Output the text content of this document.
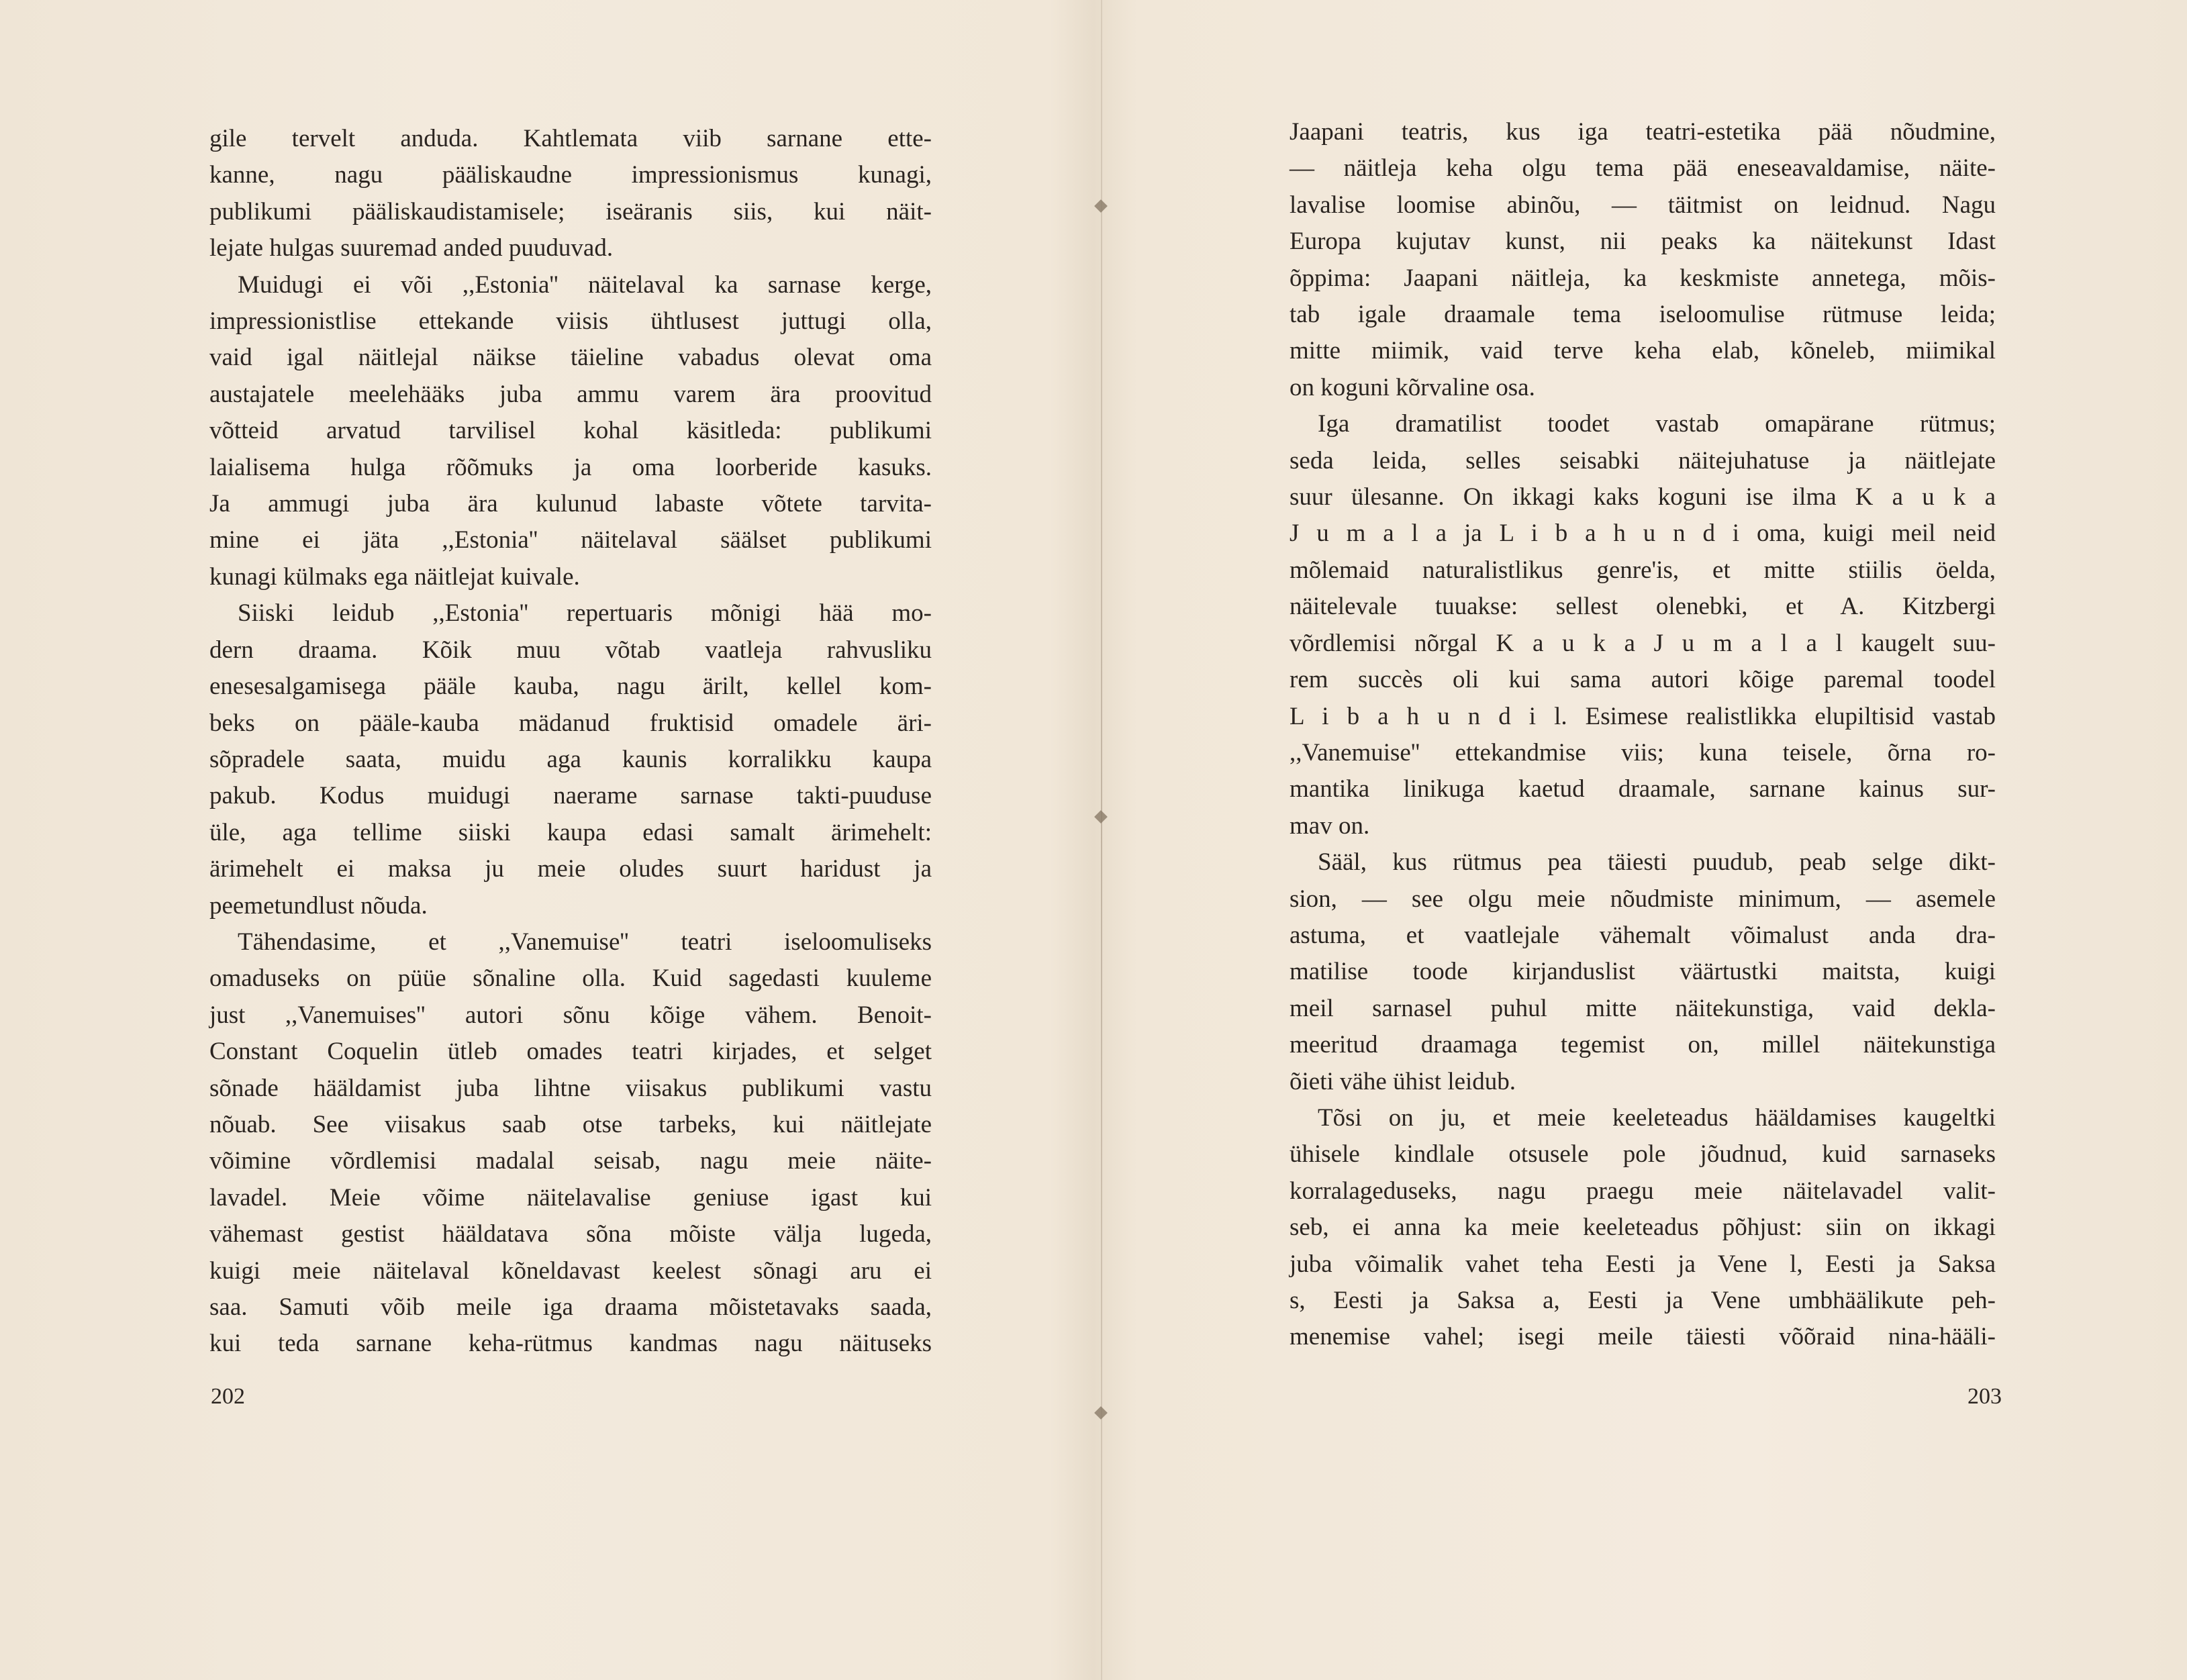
gile tervelt anduda. Kahtlemata viib sarnane ette-
kanne, nagu pääliskaudne impressionismus kunagi,
publikumi pääliskaudistamisele; iseäranis siis, kui näit-
lejate hulgas suuremad anded puuduvad.
Muidugi ei või ,,Estonia'' näitelaval ka sarnase kerge,
impressionistlise ettekande viisis ühtlusest juttugi olla,
vaid igal näitlejal näikse täieline vabadus olevat oma
austajatele meelehääks juba ammu varem ära proovitud
võtteid arvatud tarvilisel kohal käsitleda: publikumi
laialisema hulga rõõmuks ja oma loorberide kasuks.
Ja ammugi juba ära kulunud labaste võtete tarvita-
mine ei jäta ,,Estonia'' näitelaval säälset publikumi
kunagi külmaks ega näitlejat kuivale.
Siiski leidub ,,Estonia'' repertuaris mõnigi hää mo-
dern draama. Kõik muu võtab vaatleja rahvusliku
enesesalgamisega pääle kauba, nagu ärilt, kellel kom-
beks on pääle-kauba mädanud fruktisid omadele äri-
sõpradele saata, muidu aga kaunis korralikku kaupa
pakub. Kodus muidugi naerame sarnase takti-puuduse
üle, aga tellime siiski kaupa edasi samalt ärimehelt:
ärimehelt ei maksa ju meie oludes suurt haridust ja
peemetundlust nõuda.
Tähendasime, et ,,Vanemuise'' teatri iseloomuliseks
omaduseks on püüe sõnaline olla. Kuid sagedasti kuuleme
just ,,Vanemuises'' autori sõnu kõige vähem. Benoit-
Constant Coquelin ütleb omades teatri kirjades, et selget
sõnade hääldamist juba lihtne viisakus publikumi vastu
nõuab. See viisakus saab otse tarbeks, kui näitlejate
võimine võrdlemisi madalal seisab, nagu meie näite-
lavadel. Meie võime näitelavalise geniuse igast kui
vähemast gestist hääldatava sõna mõiste välja lugeda,
kuigi meie näitelaval kõneldavast keelest sõnagi aru ei
saa. Samuti võib meile iga draama mõistetavaks saada,
kui teda sarnane keha-rütmus kandmas nagu näituseks
202
Jaapani teatris, kus iga teatri-estetika pää nõudmine,
— näitleja keha olgu tema pää eneseavaldamise, näite-
lavalise loomise abinõu, — täitmist on leidnud. Nagu
Europa kujutav kunst, nii peaks ka näitekunst Idast
õppima: Jaapani näitleja, ka keskmiste annetega, mõis-
tab igale draamale tema iseloomulise rütmuse leida;
mitte miimik, vaid terve keha elab, kõneleb, miimikal
on koguni kõrvaline osa.
Iga dramatilist toodet vastab omapärane rütmus;
seda leida, selles seisabki näitejuhatuse ja näitlejate
suur ülesanne. On ikkagi kaks koguni ise ilma K a u k a
J u m a l a ja L i b a h u n d i oma, kuigi meil neid
mõlemaid naturalistlikus genre'is, et mitte stiilis öelda,
näitelevale tuuakse: sellest olenebki, et A. Kitzbergi
võrdlemisi nõrgal K a u k a J u m a l a l kaugelt suu-
rem succès oli kui sama autori kõige paremal toodel
L i b a h u n d i l. Esimese realistlikka elupiltisid vastab
,,Vanemuise'' ettekandmise viis; kuna teisele, õrna ro-
mantika linikuga kaetud draamale, sarnane kainus sur-
mav on.
Sääl, kus rütmus pea täiesti puudub, peab selge dikt-
sion, — see olgu meie nõudmiste minimum, — asemele
astuma, et vaatlejale vähemalt võimalust anda dra-
matilise toode kirjanduslist väärtustki maitsta, kuigi
meil sarnasel puhul mitte näitekunstiga, vaid dekla-
meeritud draamaga tegemist on, millel näitekunstiga
õieti vähe ühist leidub.
Tõsi on ju, et meie keeleteadus hääldamises kaugeltki
ühisele kindlale otsusele pole jõudnud, kuid sarnaseks
korralageduseks, nagu praegu meie näitelavadel valit-
seb, ei anna ka meie keeleteadus põhjust: siin on ikkagi
juba võimalik vahet teha Eesti ja Vene l, Eesti ja Saksa
s, Eesti ja Saksa a, Eesti ja Vene umbhäälikute peh-
menemise vahel; isegi meile täiesti võõraid nina-hääli-
203
